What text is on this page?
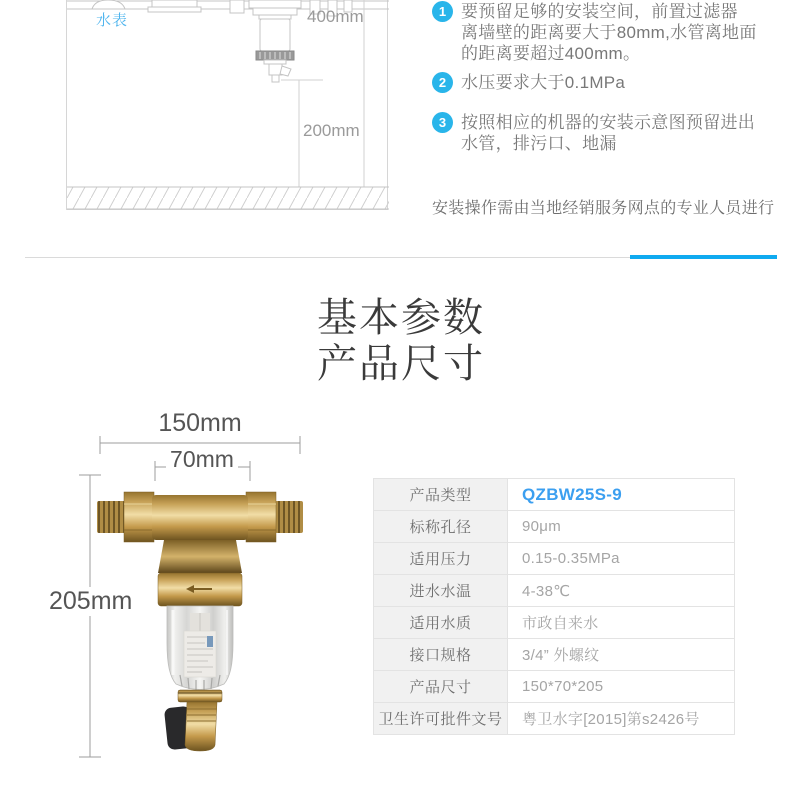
水表	400mm
200mm
1 要预留足够的安装空间，前置过滤器
离墙壁的距离要大于80mm,水管离地面
的距离要超过400mm。
2 水压要求大于0.1MPa
3 按照相应的机器的安装示意图预留进出
水管，排污口、地漏

安装操作需由当地经销服务网点的专业人员进行

基本参数
产品尺寸
150mm
70mm
205mm
产品类型	QZBW25S-9
标称孔径	90μm
适用压力	0.15-0.35MPa
进水水温	4-38℃
适用水质	市政自来水
接口规格	3/4” 外螺纹
产品尺寸	150*70*205
卫生许可批件文号	粤卫水字[2015]第s2426号
